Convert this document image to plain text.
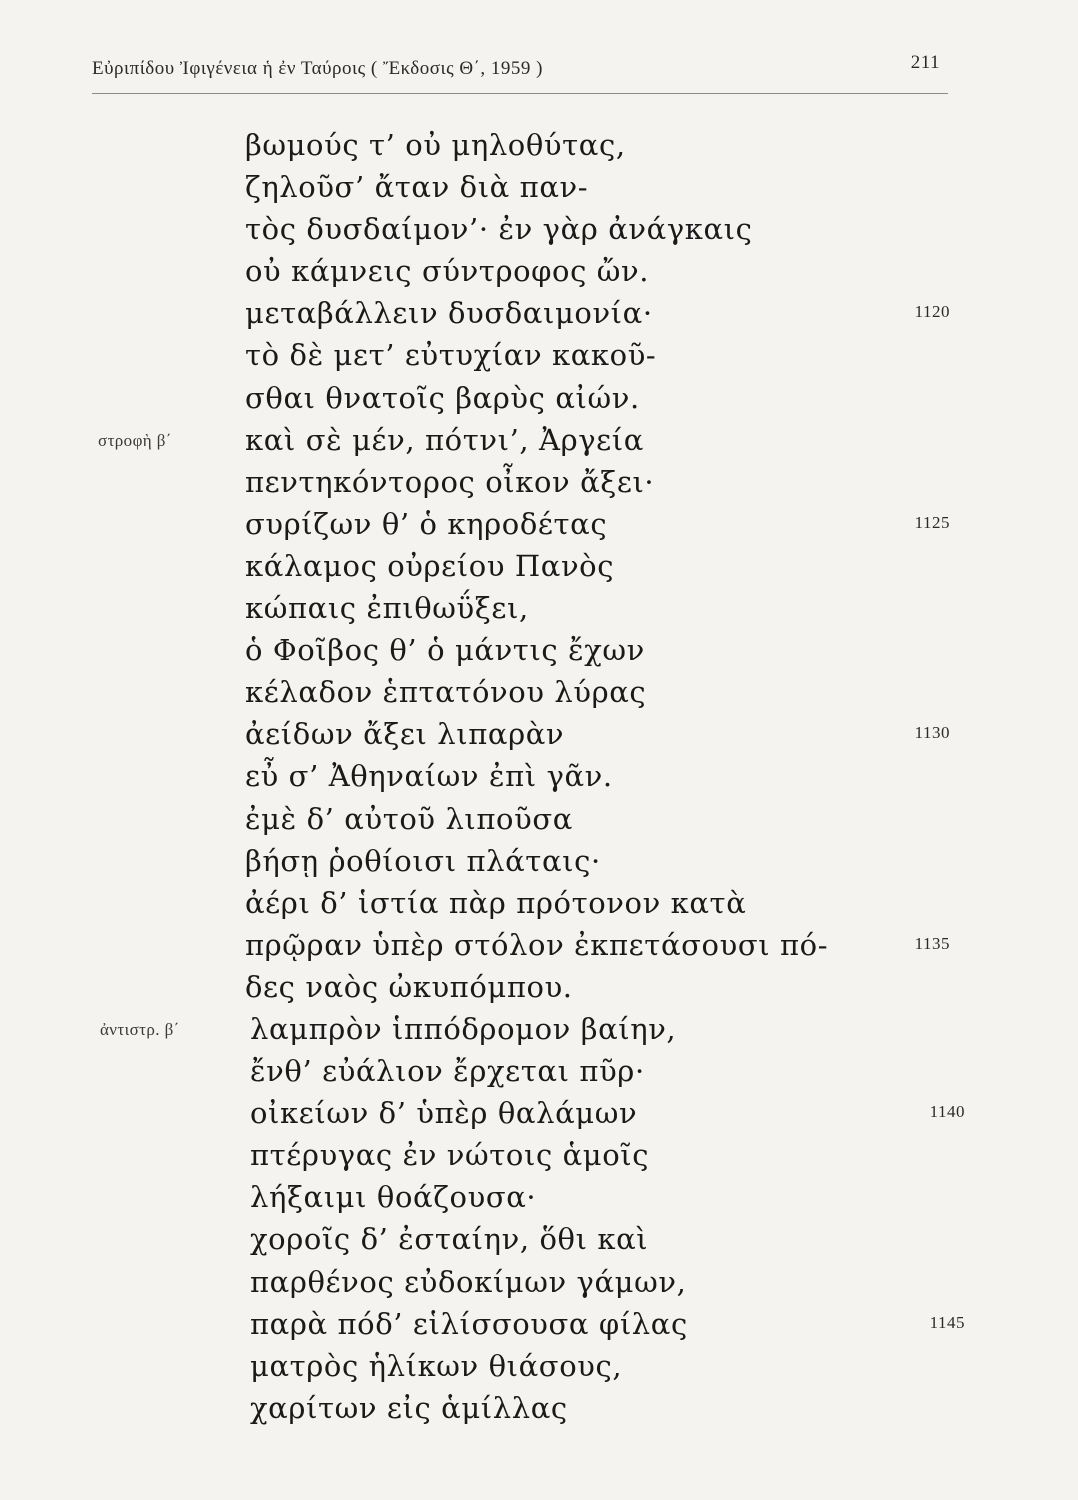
Εὐριπίδου Ἰφιγένεια ἡ ἐν Ταύροις ( Ἔκδοσις Θ΄, 1959 )	211
βωμούς τ’ οὐ μηλοθύτας,
ζηλοῦσ’ ἄταν διὰ παν-
τὸς δυσδαίμον’· ἐν γὰρ ἀνάγκαις
οὐ κάμνεις σύντροφος ὤν.
μεταβάλλειν δυσδαιμονία·	1120
τὸ δὲ μετ’ εὐτυχίαν κακοῦ-
σθαι θνατοῖς βαρὺς αἰών.
στροφὴ β΄	καὶ σὲ μέν, πότνι’, Ἀργεία
πεντηκόντορος οἶκον ἄξει·
συρίζων θ’ ὁ κηροδέτας	1125
κάλαμος οὐρείου Πανὸς
κώπαις ἐπιθωΰξει,
ὁ Φοῖβος θ’ ὁ μάντις ἔχων
κέλαδον ἑπτατόνου λύρας
ἀείδων ἄξει λιπαρὰν	1130
εὖ σ’ Ἀθηναίων ἐπὶ γᾶν.
ἐμὲ δ’ αὐτοῦ λιποῦσα
βήσῃ ῥοθίοισι πλάταις·
ἀέρι δ’ ἱστία πὰρ πρότονον κατὰ
πρῷραν ὑπὲρ στόλον ἐκπετάσουσι πό-	1135
δες ναὸς ὠκυπόμπου.
ἀντιστρ. β΄ λαμπρὸν ἱππόδρομον βαίην,
ἔνθ’ εὐάλιον ἔρχεται πῦρ·
οἰκείων δ’ ὑπὲρ θαλάμων	1140
πτέρυγας ἐν νώτοις ἁμοῖς
λήξαιμι θοάζουσα·
χοροῖς δ’ ἐσταίην, ὅθι καὶ
παρθένος εὐδοκίμων γάμων,
παρὰ πόδ’ εἱλίσσουσα φίλας	1145
ματρὸς ἡλίκων θιάσους,
χαρίτων εἰς ἁμίλλας
